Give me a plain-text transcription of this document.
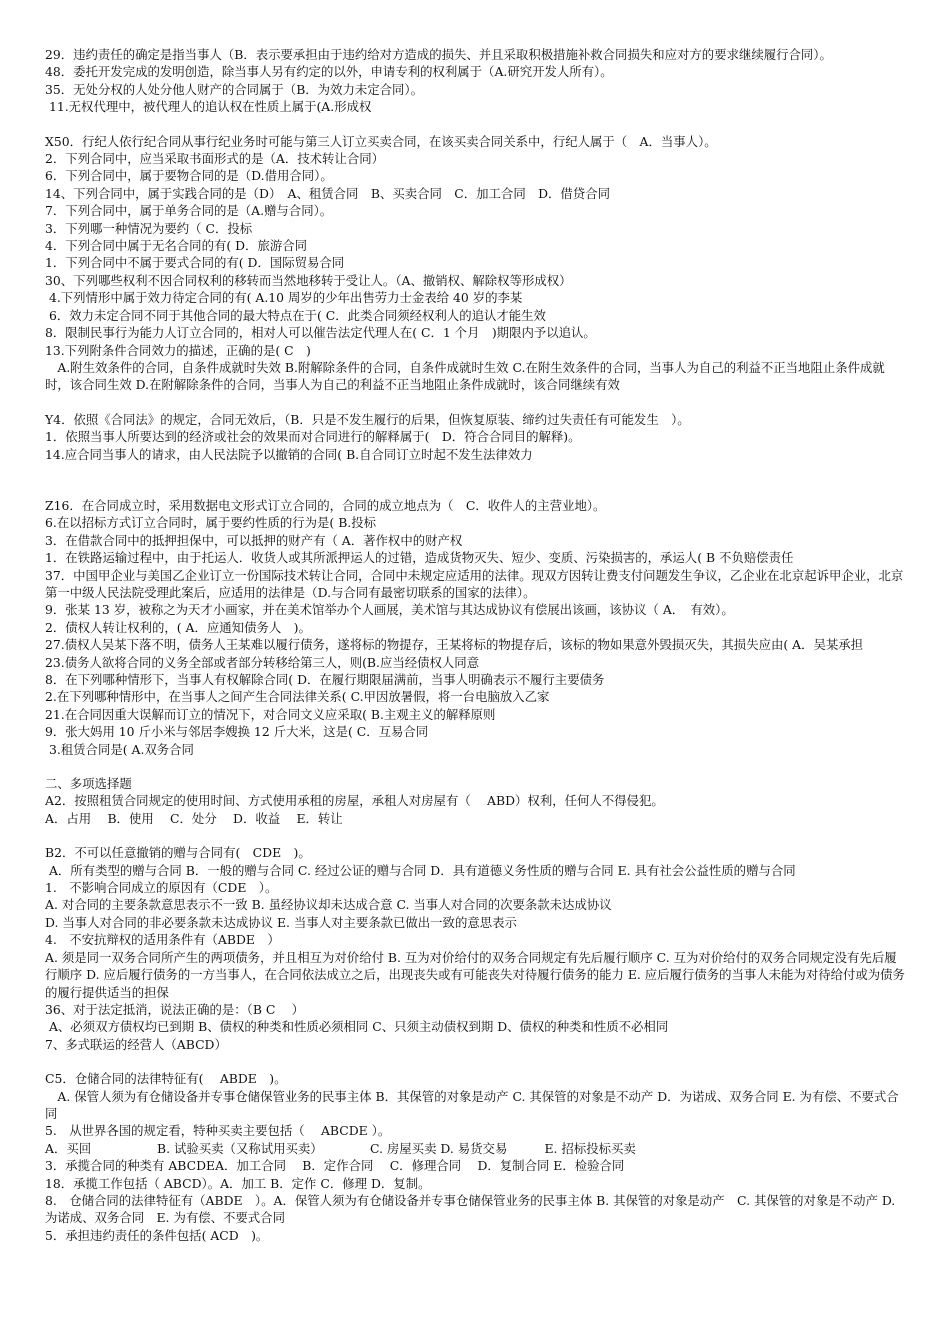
29．违约责任的确定是指当事人（B．表示要承担由于违约给对方造成的损失、并且采取积极措施补救合同损失和应对方的要求继续履行合同）。
48．委托开发完成的发明创造，除当事人另有约定的以外，申请专利的权利属于（A.研究开发人所有）。
35．无处分权的人处分他人财产的合同属于（B．为效力未定合同）。
11.无权代理中，被代理人的追认权在性质上属于(A.形成权
X50．行纪人依行纪合同从事行纪业务时可能与第三人订立买卖合同，在该买卖合同关系中，行纪人属于（　A．当事人）。
2．下列合同中，应当采取书面形式的是（A．技术转让合同）
6．下列合同中，属于要物合同的是（D.借用合同）。
14、下列合同中，属于实践合同的是（D）　A、租赁合同　B、买卖合同　C．加工合同　D．借贷合同
7．下列合同中，属于单务合同的是（A.赠与合同）。
3．下列哪一种情况为要约（ C．投标
4．下列合同中属于无名合同的有( D．旅游合同
1．下列合同中不属于要式合同的有( D．国际贸易合同
30、下列哪些权利不因合同权利的移转而当然地移转于受让人。（A、撤销权、解除权等形成权）
4.下列情形中属于效力待定合同的有( A.10 周岁的少年出售劳力士金表给 40 岁的李某
6．效力未定合同不同于其他合同的最大特点在于( C．此类合同须经权利人的追认才能生效
8．限制民事行为能力人订立合同的，相对人可以催告法定代理人在( C．1 个月　)期限内予以追认。
13.下列附条件合同效力的描述，正确的是( C　)
　A.附生效条件的合同，自条件成就时失效 B.附解除条件的合同，自条件成就时生效 C.在附生效条件的合同，当事人为自己的利益不正当地阻止条件成就时，该合同生效 D.在附解除条件的合同，当事人为自己的利益不正当地阻止条件成就时，该合同继续有效
Y4．依照《合同法》的规定，合同无效后，（B．只是不发生履行的后果，但恢复原装、缔约过失责任有可能发生　）。
1．依照当事人所要达到的经济或社会的效果而对合同进行的解释属于(　D．符合合同目的解释)。
14.应合同当事人的请求，由人民法院予以撤销的合同( B.自合同订立时起不发生法律效力
Z16．在合同成立时，采用数据电文形式订立合同的，合同的成立地点为（　C．收件人的主营业地）。
6.在以招标方式订立合同时，属于要约性质的行为是( B.投标
3．在借款合同中的抵押担保中，可以抵押的财产有（ A．著作权中的财产权
1．在铁路运输过程中，由于托运人．收货人或其所派押运人的过错，造成货物灭失、短少、变质、污染损害的，承运人( B 不负赔偿责任
37．中国甲企业与美国乙企业订立一份国际技术转让合同，合同中未规定应适用的法律。现双方因转让费支付问题发生争议，乙企业在北京起诉甲企业，北京第一中级人民法院受理此案后，应适用的法律是（D.与合同有最密切联系的国家的法律）。
9．张某 13 岁，被称之为天才小画家，并在美术馆举办个人画展，美术馆与其达成协议有偿展出该画，该协议（ A．　有效）。
2．债权人转让权利的，( A．应通知债务人　)。
27.债权人吴某下落不明，债务人王某难以履行债务，遂将标的物提存，王某将标的物提存后，该标的物如果意外毁损灭失，其损失应由( A．吴某承担
23.债务人欲将合同的义务全部或者部分转移给第三人，则(B.应当经债权人同意
8．在下列哪种情形下，当事人有权解除合同( D．在履行期限届满前，当事人明确表示不履行主要债务
2.在下列哪种情形中，在当事人之间产生合同法律关系( C.甲因放暑假，将一台电脑放入乙家
21.在合同因重大误解而订立的情况下，对合同文义应采取( B.主观主义的解释原则
9．张大妈用 10 斤小米与邻居李嫂换 12 斤大米，这是( C．互易合同
3.租赁合同是( A.双务合同
二、多项选择题
A2．按照租赁合同规定的使用时间、方式使用承租的房屋，承租人对房屋有（　 ABD）权利，任何人不得侵犯。
A．占用　 B．使用　 C．处分　 D．收益　 E．转让
B2．不可以任意撤销的赠与合同有(　CDE　)。
A．所有类型的赠与合同 B．一般的赠与合同 C. 经过公证的赠与合同 D．具有道德义务性质的赠与合同 E. 具有社会公益性质的赠与合同
1.　不影响合同成立的原因有（CDE　）。
A. 对合同的主要条款意思表示不一致 B. 虽经协议却未达成合意 C. 当事人对合同的次要条款未达成协议
D. 当事人对合同的非必要条款未达成协议 E. 当事人对主要条款已做出一致的意思表示
4.　不安抗辩权的适用条件有（ABDE　）
A. 须是同一双务合同所产生的两项债务，并且相互为对价给付 B. 互为对价给付的双务合同规定有先后履行顺序 C. 互为对价给付的双务合同规定没有先后履行顺序 D. 应后履行债务的一方当事人，在合同依法成立之后，出现丧失或有可能丧失对待履行债务的能力 E. 应后履行债务的当事人未能为对待给付或为债务的履行提供适当的担保
36、对于法定抵消，说法正确的是：（B C　 ）
A、必须双方债权均已到期 B、债权的种类和性质必须相同 C、只须主动债权到期 D、债权的种类和性质不必相同
7、多式联运的经营人（ABCD）
C5．仓储合同的法律特征有(　 ABDE　)。
　A. 保管人须为有仓储设备并专事仓储保管业务的民事主体 B．其保管的对象是动产 C. 其保管的对象是不动产 D．为诺成、双务合同 E. 为有偿、不要式合同
5.　从世界各国的规定看，特种买卖主要包括（　 ABCDE ）。
A．买回　　　　　 B. 试验买卖（又称试用买卖）　　　　 C. 房屋买卖 D. 易货交易　　　E. 招标投标买卖
3．承揽合同的种类有 ABCDEA．加工合同　 B．定作合同　 C．修理合同　 D．复制合同 E．检验合同
18．承揽工作包括（ ABCD）。A．加工 B．定作 C．修理 D．复制。
8.　仓储合同的法律特征有（ABDE　）。A．保管人须为有仓储设备并专事仓储保管业务的民事主体 B. 其保管的对象是动产　C. 其保管的对象是不动产 D. 为诺成、双务合同　E. 为有偿、不要式合同
5．承担违约责任的条件包括( ACD　)。
